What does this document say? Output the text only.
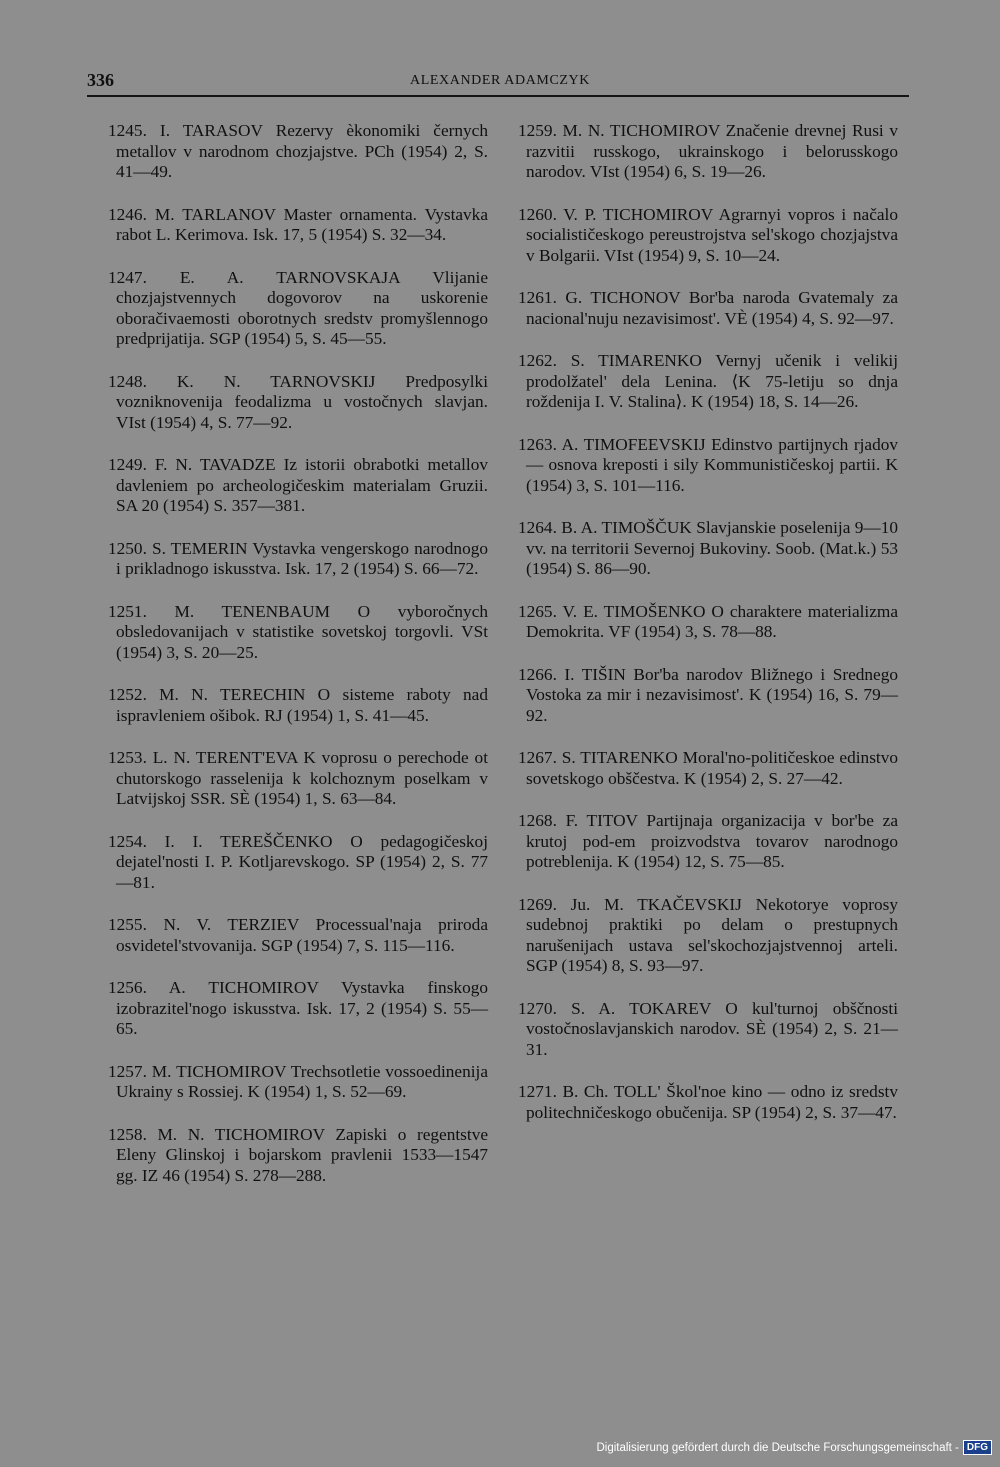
336	ALEXANDER ADAMCZYK

1245. I. TARASOV Rezervy èkonomiki černych metallov v narodnom chozjajstve. PCh (1954) 2, S. 41—49.

1246. M. TARLANOV Master ornamenta. Vystavka rabot L. Kerimova. Isk. 17, 5 (1954) S. 32—34.

1247. E. A. TARNOVSKAJA Vlijanie chozjajstvennych dogovorov na uskorenie oboračivaemosti oborotnych sredstv promyšlennogo predprijatija. SGP (1954) 5, S. 45—55.

1248. K. N. TARNOVSKIJ Predposylki vozniknovenija feodalizma u vostočnych slavjan. VIst (1954) 4, S. 77—92.

1249. F. N. TAVADZE Iz istorii obrabotki metallov davleniem po archeologičeskim materialam Gruzii. SA 20 (1954) S. 357—381.

1250. S. TEMERIN Vystavka vengerskogo narodnogo i prikladnogo iskusstva. Isk. 17, 2 (1954) S. 66—72.

1251. M. TENENBAUM O vyboročnych obsledovanijach v statistike sovetskoj torgovli. VSt (1954) 3, S. 20—25.

1252. M. N. TERECHIN O sisteme raboty nad ispravleniem ošibok. RJ (1954) 1, S. 41—45.

1253. L. N. TERENT'EVA K voprosu o perechode ot chutorskogo rasselenija k kolchoznym poselkam v Latvijskoj SSR. SÈ (1954) 1, S. 63—84.

1254. I. I. TEREŠČENKO O pedagogičeskoj dejatel'nosti I. P. Kotljarevskogo. SP (1954) 2, S. 77—81.

1255. N. V. TERZIEV Processual'naja priroda osvidetel'stvovanija. SGP (1954) 7, S. 115—116.

1256. A. TICHOMIROV Vystavka finskogo izobrazitel'nogo iskusstva. Isk. 17, 2 (1954) S. 55—65.

1257. M. TICHOMIROV Trechsotletie vossoedinenija Ukrainy s Rossiej. K (1954) 1, S. 52—69.

1258. M. N. TICHOMIROV Zapiski o regentstve Eleny Glinskoj i bojarskom pravlenii 1533—1547 gg. IZ 46 (1954) S. 278—288.

1259. M. N. TICHOMIROV Značenie drevnej Rusi v razvitii russkogo, ukrainskogo i belorusskogo narodov. VIst (1954) 6, S. 19—26.

1260. V. P. TICHOMIROV Agrarnyi vopros i načalo socialističeskogo pereustrojstva sel'skogo chozjajstva v Bolgarii. VIst (1954) 9, S. 10—24.

1261. G. TICHONOV Bor'ba naroda Gvatemaly za nacional'nuju nezavisimost'. VÈ (1954) 4, S. 92—97.

1262. S. TIMARENKO Vernyj učenik i velikij prodolžatel' dela Lenina. ⟨K 75-letiju so dnja roždenija I. V. Stalina⟩. K (1954) 18, S. 14—26.

1263. A. TIMOFEEVSKIJ Edinstvo partijnych rjadov — osnova kreposti i sily Kommunističeskoj partii. K (1954) 3, S. 101—116.

1264. B. A. TIMOŠČUK Slavjanskie poselenija 9—10 vv. na territorii Severnoj Bukoviny. Soob. (Mat.k.) 53 (1954) S. 86—90.

1265. V. E. TIMOŠENKO O charaktere materializma Demokrita. VF (1954) 3, S. 78—88.

1266. I. TIŠIN Bor'ba narodov Bližnego i Srednego Vostoka za mir i nezavisimost'. K (1954) 16, S. 79—92.

1267. S. TITARENKO Moral'no-političeskoe edinstvo sovetskogo obščestva. K (1954) 2, S. 27—42.

1268. F. TITOV Partijnaja organizacija v bor'be za krutoj pod-em proizvodstva tovarov narodnogo potreblenija. K (1954) 12, S. 75—85.

1269. Ju. M. TKAČEVSKIJ Nekotorye voprosy sudebnoj praktiki po delam o prestupnych narušenijach ustava sel'skochozjajstvennoj arteli. SGP (1954) 8, S. 93—97.

1270. S. A. TOKAREV O kul'turnoj obščnosti vostočnoslavjanskich narodov. SÈ (1954) 2, S. 21—31.

1271. B. Ch. TOLL' Škol'noe kino — odno iz sredstv politechničeskogo obučenija. SP (1954) 2, S. 37—47.

Digitalisierung gefördert durch die Deutsche Forschungsgemeinschaft - DFG
